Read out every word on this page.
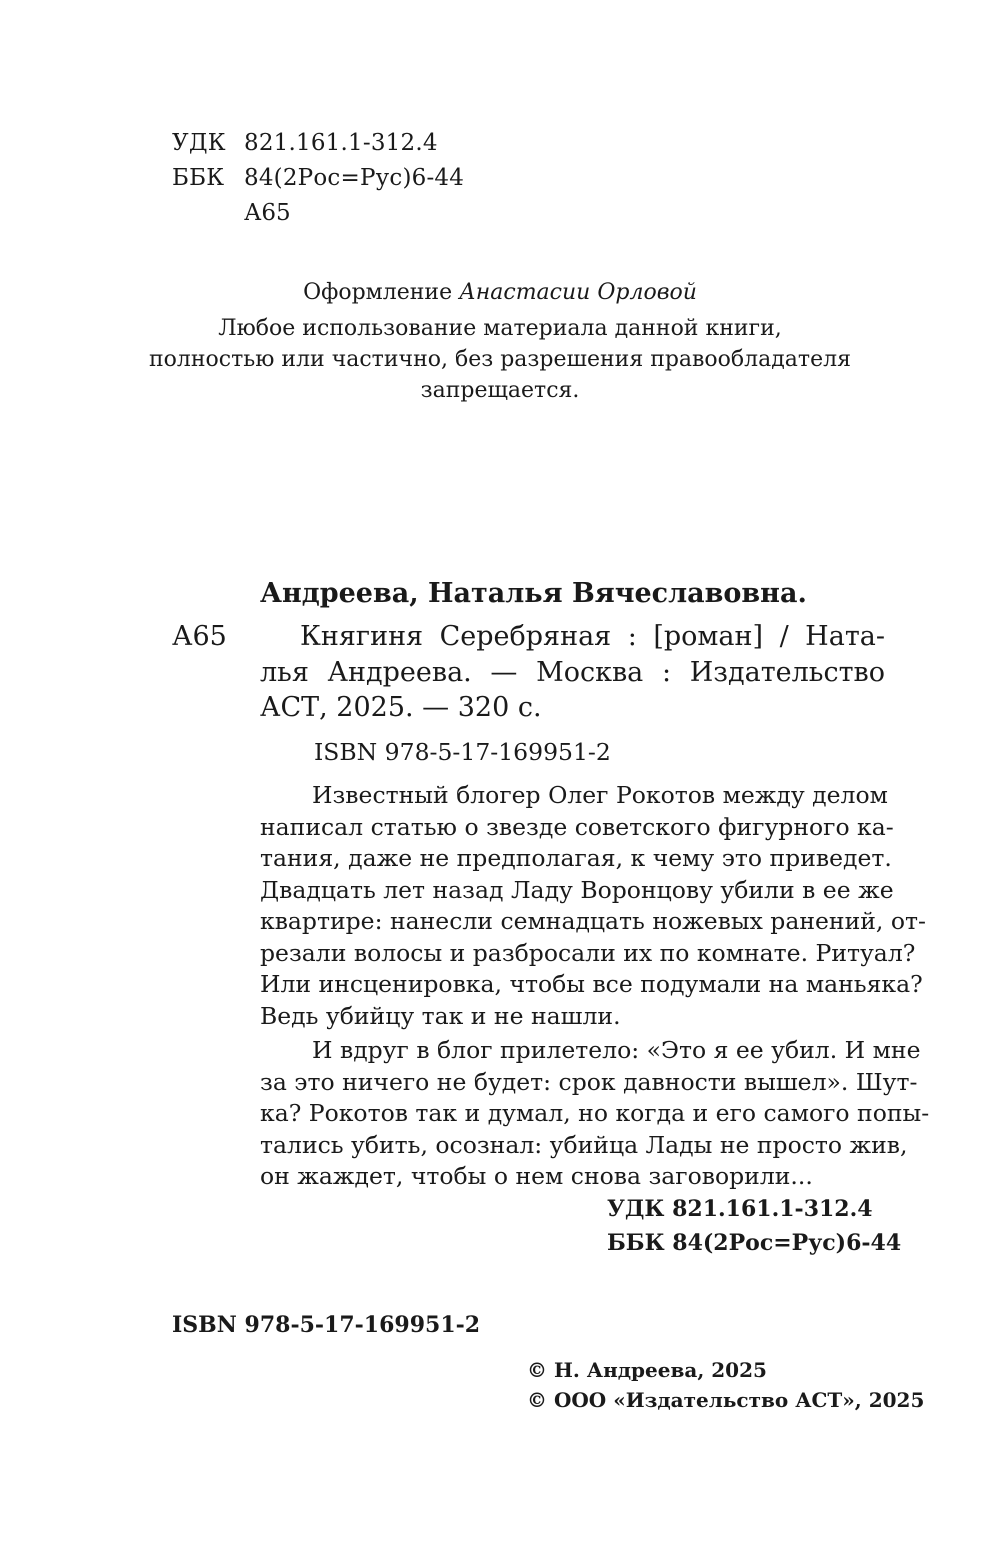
УДК 821.161.1-312.4
ББК 84(2Рос=Рус)6-44
А65
Оформление Анастасии Орловой
Любое использование материала данной книги,
полностью или частично, без разрешения правообладателя
запрещается.
Андреева, Наталья Вячеславовна.
А65	Княгиня Серебряная : [роман] / Ната-
лья Андреева. — Москва : Издательство
АСТ, 2025. — 320 с.
ISBN 978-5-17-169951-2
Известный блогер Олег Рокотов между делом
написал статью о звезде советского фигурного ка-
тания, даже не предполагая, к чему это приведет.
Двадцать лет назад Ладу Воронцову убили в ее же
квартире: нанесли семнадцать ножевых ранений, от-
резали волосы и разбросали их по комнате. Ритуал?
Или инсценировка, чтобы все подумали на маньяка?
Ведь убийцу так и не нашли.
И вдруг в блог прилетело: «Это я ее убил. И мне
за это ничего не будет: срок давности вышел». Шут-
ка? Рокотов так и думал, но когда и его самого попы-
тались убить, осознал: убийца Лады не просто жив,
он жаждет, чтобы о нем снова заговорили...
УДК 821.161.1-312.4
ББК 84(2Рос=Рус)6-44
ISBN 978-5-17-169951-2
© Н. Андреева, 2025
© ООО «Издательство АСТ», 2025
